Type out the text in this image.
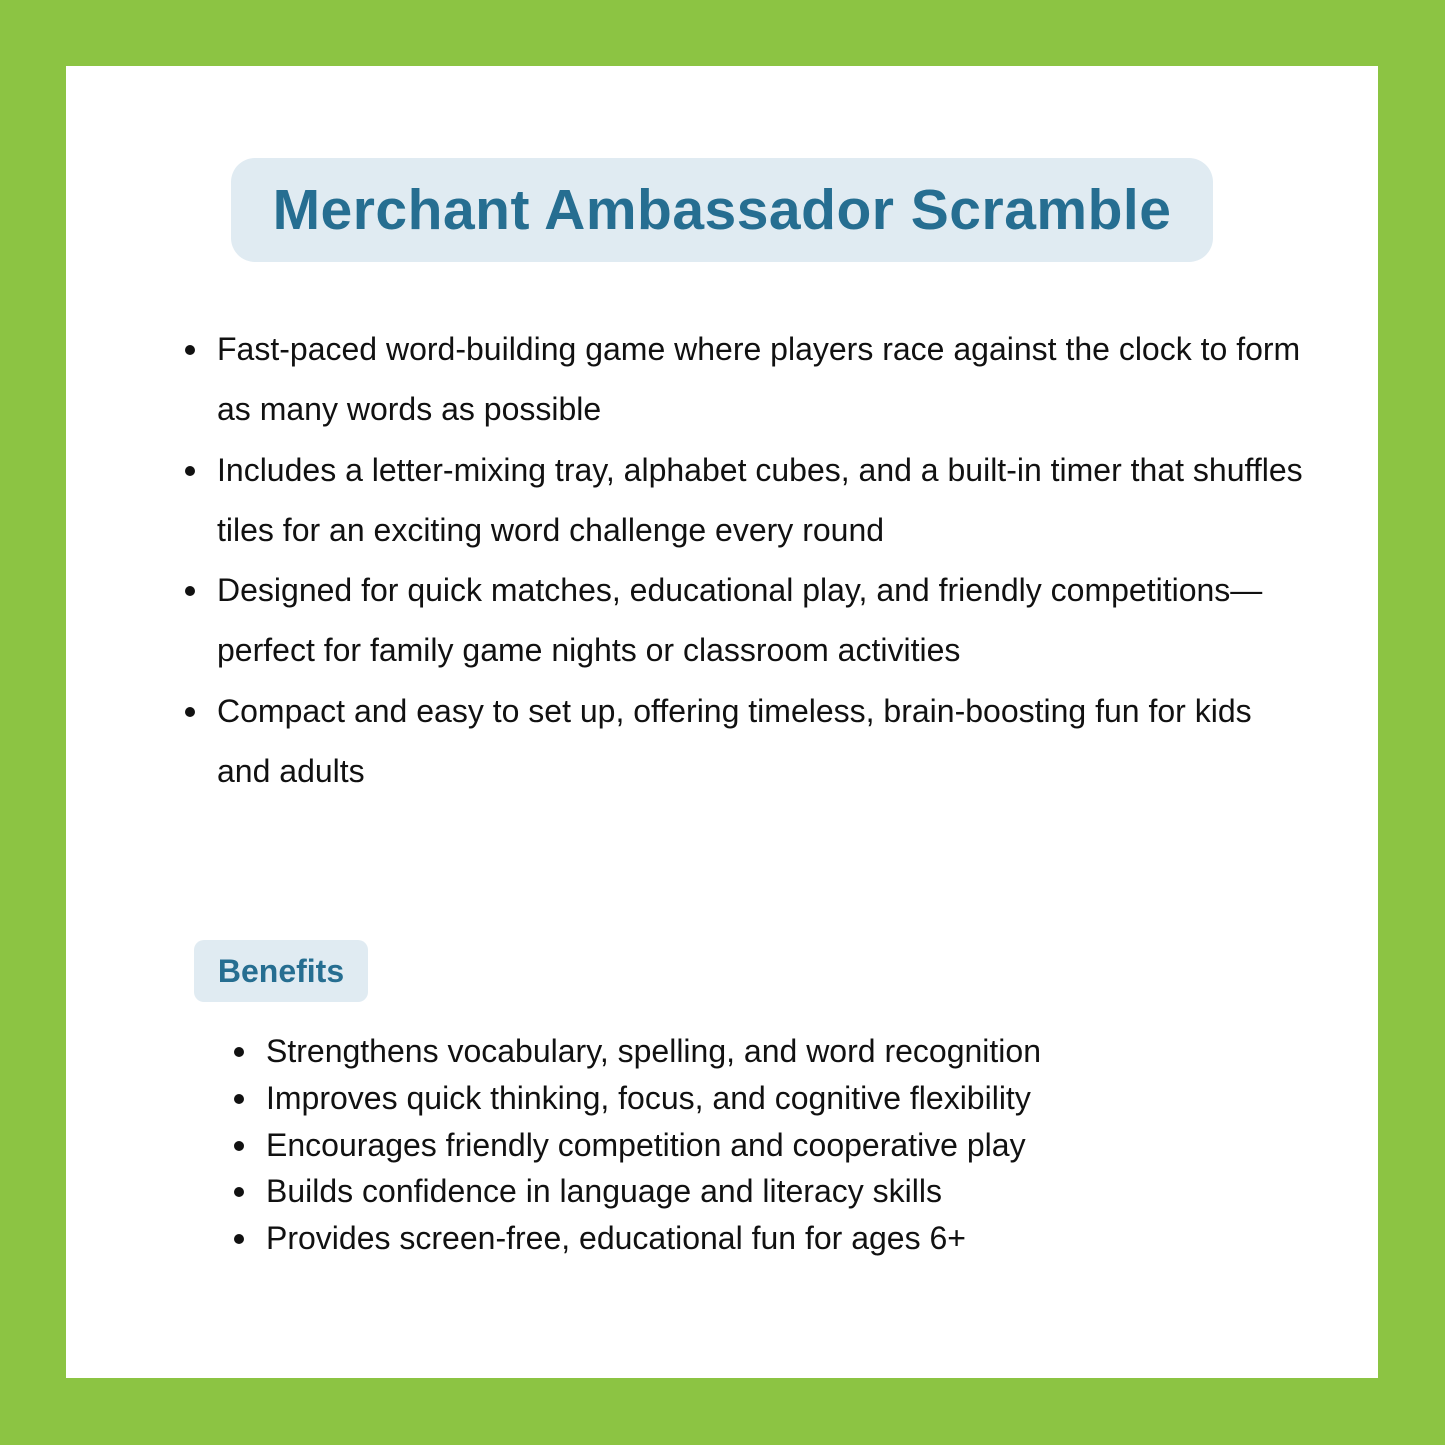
Merchant Ambassador Scramble
Fast-paced word-building game where players race against the clock to form as many words as possible
Includes a letter-mixing tray, alphabet cubes, and a built-in timer that shuffles tiles for an exciting word challenge every round
Designed for quick matches, educational play, and friendly competitions—perfect for family game nights or classroom activities
Compact and easy to set up, offering timeless, brain-boosting fun for kids and adults
Benefits
Strengthens vocabulary, spelling, and word recognition
Improves quick thinking, focus, and cognitive flexibility
Encourages friendly competition and cooperative play
Builds confidence in language and literacy skills
Provides screen-free, educational fun for ages 6+
